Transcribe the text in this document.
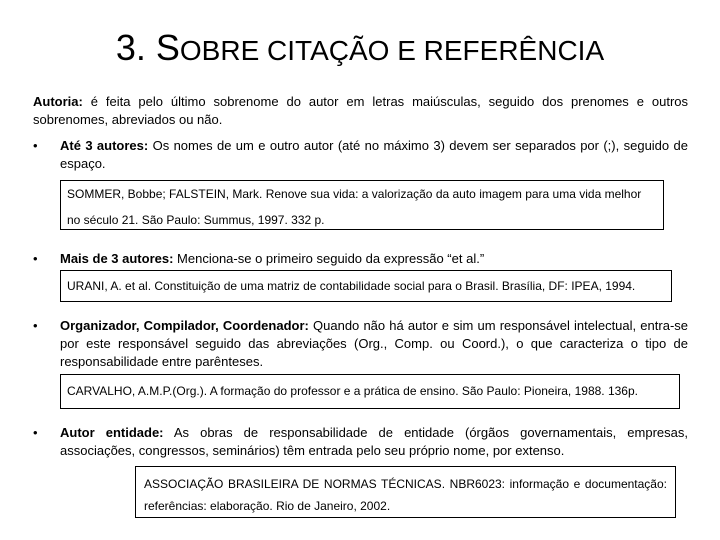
3. SOBRE CITAÇÃO E REFERÊNCIA
Autoria: é feita pelo último sobrenome do autor em letras maiúsculas, seguido dos prenomes e outros sobrenomes, abreviados ou não.
•	Até 3 autores: Os nomes de um e outro autor (até no máximo 3) devem ser separados por (;), seguido de espaço.
SOMMER, Bobbe; FALSTEIN, Mark. Renove sua vida: a valorização da auto imagem para uma vida melhor
no século 21. São Paulo: Summus, 1997. 332 p.
•	Mais de 3 autores: Menciona-se o primeiro seguido da expressão “et al.”
URANI, A. et al. Constituição de uma matriz de contabilidade social para o Brasil. Brasília, DF: IPEA, 1994.
•	Organizador, Compilador, Coordenador: Quando não há autor e sim um responsável intelectual, entra-se por este responsável seguido das abreviações (Org., Comp. ou Coord.), o que caracteriza o tipo de responsabilidade entre parênteses.
CARVALHO, A.M.P.(Org.). A formação do professor e a prática de ensino. São Paulo: Pioneira, 1988. 136p.
•	Autor entidade: As obras de responsabilidade de entidade (órgãos governamentais, empresas, associações, congressos, seminários) têm entrada pelo seu próprio nome, por extenso.
ASSOCIAÇÃO BRASILEIRA DE NORMAS TÉCNICAS. NBR6023: informação e documentação:
referências: elaboração. Rio de Janeiro, 2002.
